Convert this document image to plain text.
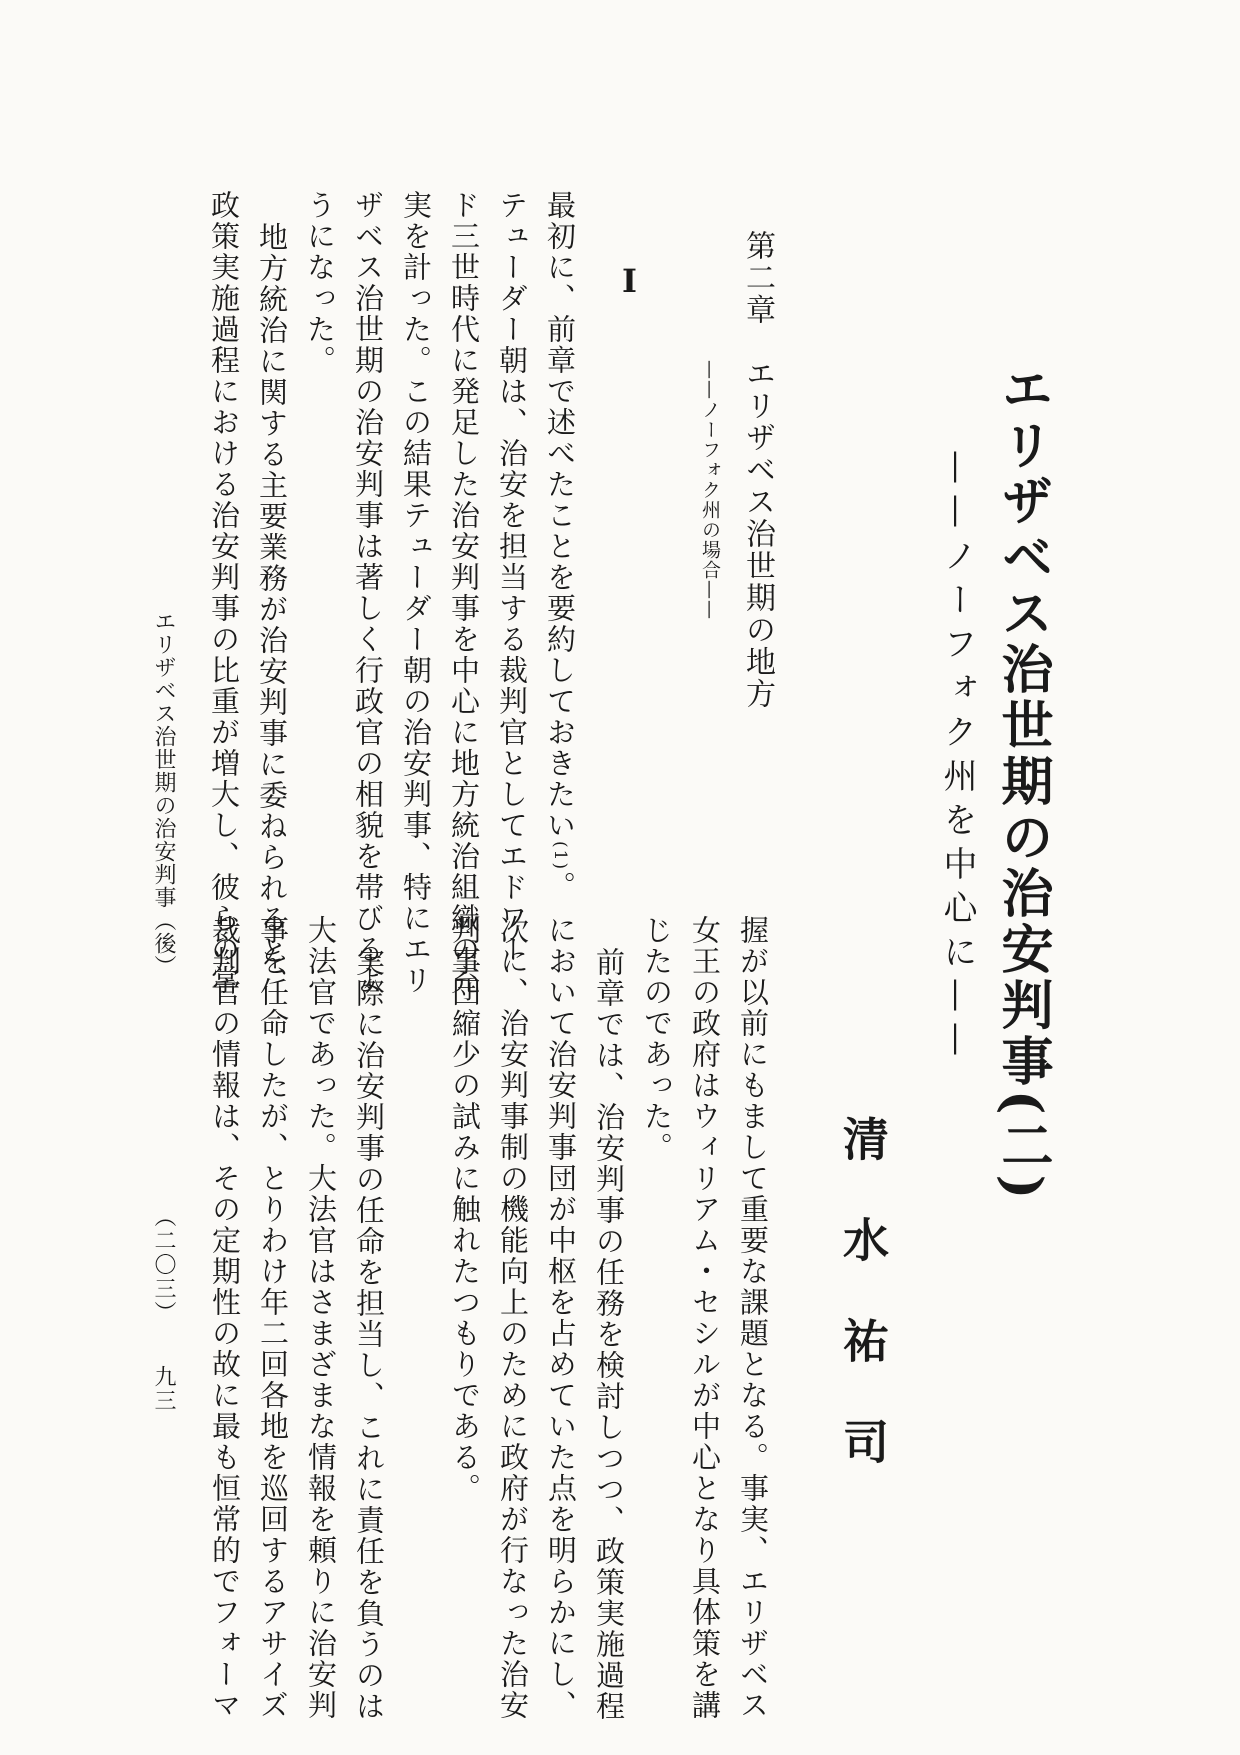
エリザベス治世期の治安判事(二)
——ノーフォク州を中心に——
清水祐司
第二章　エリザベス治世期の地方
——ノーフォク州の場合——
I
最初に、前章で述べたことを要約しておきたい(1)。
テューダー朝は、治安を担当する裁判官としてエドワー
ド三世時代に発足した治安判事を中心に地方統治組織の充
実を計った。この結果テューダー朝の治安判事、特にエリ
ザベス治世期の治安判事は著しく行政官の相貌を帯びるよ
うになった。
地方統治に関する主要業務が治安判事に委ねられると、
政策実施過程における治安判事の比重が増大し、彼らの掌
握が以前にもまして重要な課題となる。事実、エリザベス
女王の政府はウィリアム・セシルが中心となり具体策を講
じたのであった。
前章では、治安判事の任務を検討しつつ、政策実施過程
において治安判事団が中枢を占めていた点を明らかにし、
次に、治安判事制の機能向上のために政府が行なった治安
判事団縮少の試みに触れたつもりである。
実際に治安判事の任命を担当し、これに責任を負うのは
大法官であった。大法官はさまざまな情報を頼りに治安判
事を任命したが、とりわけ年二回各地を巡回するアサイズ
裁判官の情報は、その定期性の故に最も恒常的でフォーマ
エリザベス治世期の治安判事（後）
（二〇三）九三
